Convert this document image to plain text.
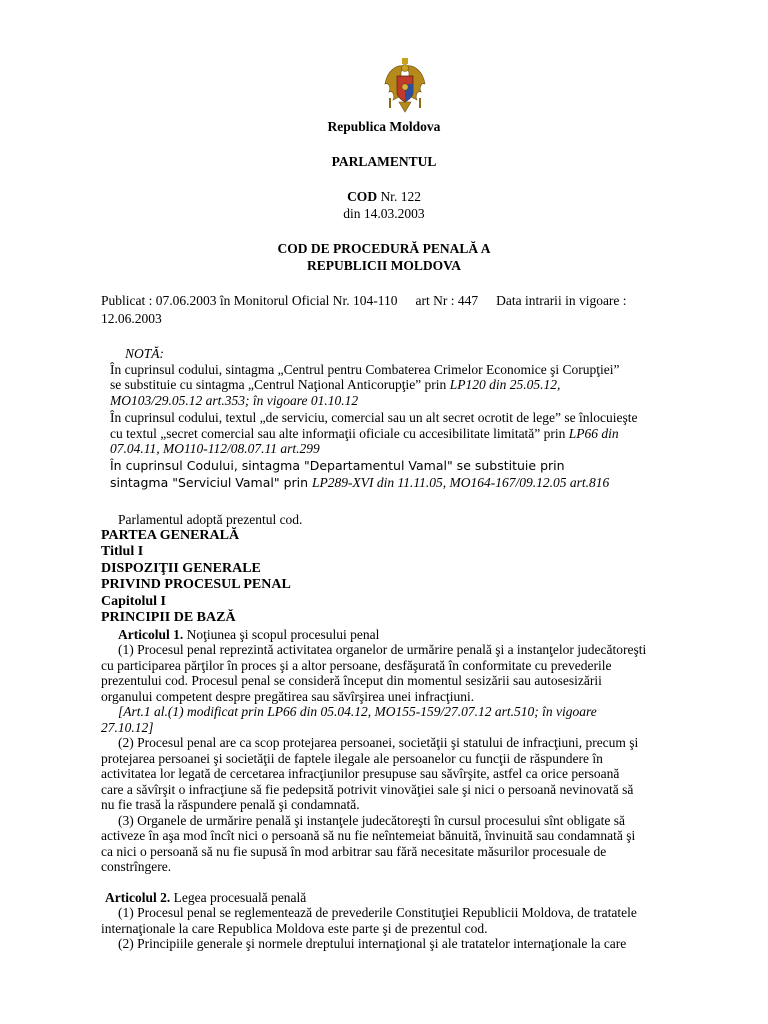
Republica Moldova
PARLAMENTUL
COD Nr. 122
din 14.03.2003
COD DE PROCEDURĂ PENALĂ A
REPUBLICII MOLDOVA
Publicat : 07.06.2003 în Monitorul Oficial Nr. 104-110 art Nr : 447 Data intrarii in vigoare :
12.06.2003
NOTĂ:
În cuprinsul codului, sintagma „Centrul pentru Combaterea Crimelor Economice şi Corupţiei”
se substituie cu sintagma „Centrul Naţional Anticorupţie” prin LP120 din 25.05.12,
MO103/29.05.12 art.353; în vigoare 01.10.12
În cuprinsul codului, textul „de serviciu, comercial sau un alt secret ocrotit de lege” se înlocuieşte
cu textul „secret comercial sau alte informaţii oficiale cu accesibilitate limitată” prin LP66 din
07.04.11, MO110-112/08.07.11 art.299
În cuprinsul Codului, sintagma "Departamentul Vamal" se substituie prin
sintagma "Serviciul Vamal" prin LP289-XVI din 11.11.05, MO164-167/09.12.05 art.816

Parlamentul adoptă prezentul cod.

PARTEA GENERALĂ

Titlul I

DISPOZIŢII GENERALE

PRIVIND PROCESUL PENAL

Capitolul I

PRINCIPII DE BAZĂ

Articolul 1. Noţiunea şi scopul procesului penal

(1) Procesul penal reprezintă activitatea organelor de urmărire penală şi a instanţelor judecătoreşti

cu participarea părţilor în proces şi a altor persoane, desfăşurată în conformitate cu prevederile

prezentului cod. Procesul penal se consideră început din momentul sesizării sau autosesizării

organului competent despre pregătirea sau săvîrşirea unei infracţiuni.

[Art.1 al.(1) modificat prin LP66 din 05.04.12, MO155-159/27.07.12 art.510; în vigoare

27.10.12]

(2) Procesul penal are ca scop protejarea persoanei, societăţii şi statului de infracţiuni, precum şi

protejarea persoanei şi societăţii de faptele ilegale ale persoanelor cu funcţii de răspundere în

activitatea lor legată de cercetarea infracţiunilor presupuse sau săvîrşite, astfel ca orice persoană

care a săvîrşit o infracţiune să fie pedepsită potrivit vinovăţiei sale şi nici o persoană nevinovată să

nu fie trasă la răspundere penală şi condamnată.

(3) Organele de urmărire penală şi instanţele judecătoreşti în cursul procesului sînt obligate să

activeze în aşa mod încît nici o persoană să nu fie neîntemeiat bănuită, învinuită sau condamnată şi

ca nici o persoană să nu fie supusă în mod arbitrar sau fără necesitate măsurilor procesuale de

constrîngere.

Articolul 2. Legea procesuală penală

(1) Procesul penal se reglementează de prevederile Constituţiei Republicii Moldova, de tratatele

internaţionale la care Republica Moldova este parte şi de prezentul cod.

(2) Principiile generale şi normele dreptului internaţional şi ale tratatelor internaţionale la care
